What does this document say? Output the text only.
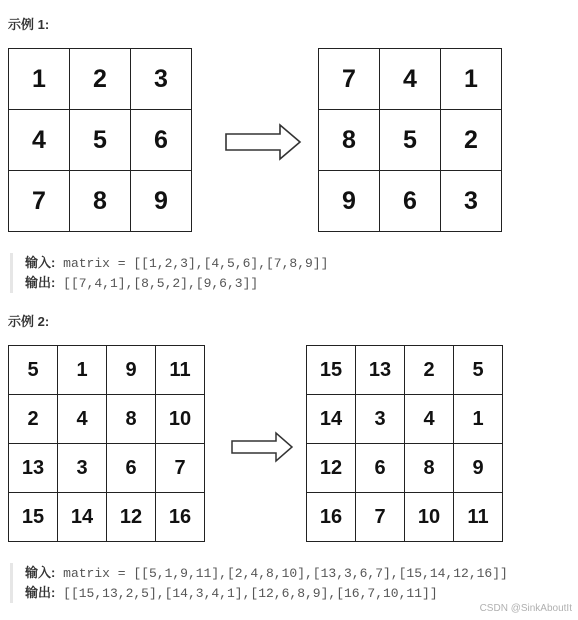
示例 1:
1	2	3
4	5	6
7	8	9
7	4	1
8	5	2
9	6	3
输入: matrix = [[1,2,3],[4,5,6],[7,8,9]]
输出: [[7,4,1],[8,5,2],[9,6,3]]
示例 2:
5	1	9	11
2	4	8	10
13	3	6	7
15	14	12	16
15	13	2	5
14	3	4	1
12	6	8	9
16	7	10	11
输入: matrix = [[5,1,9,11],[2,4,8,10],[13,3,6,7],[15,14,12,16]]
输出: [[15,13,2,5],[14,3,4,1],[12,6,8,9],[16,7,10,11]]
CSDN @SinkAboutIt
